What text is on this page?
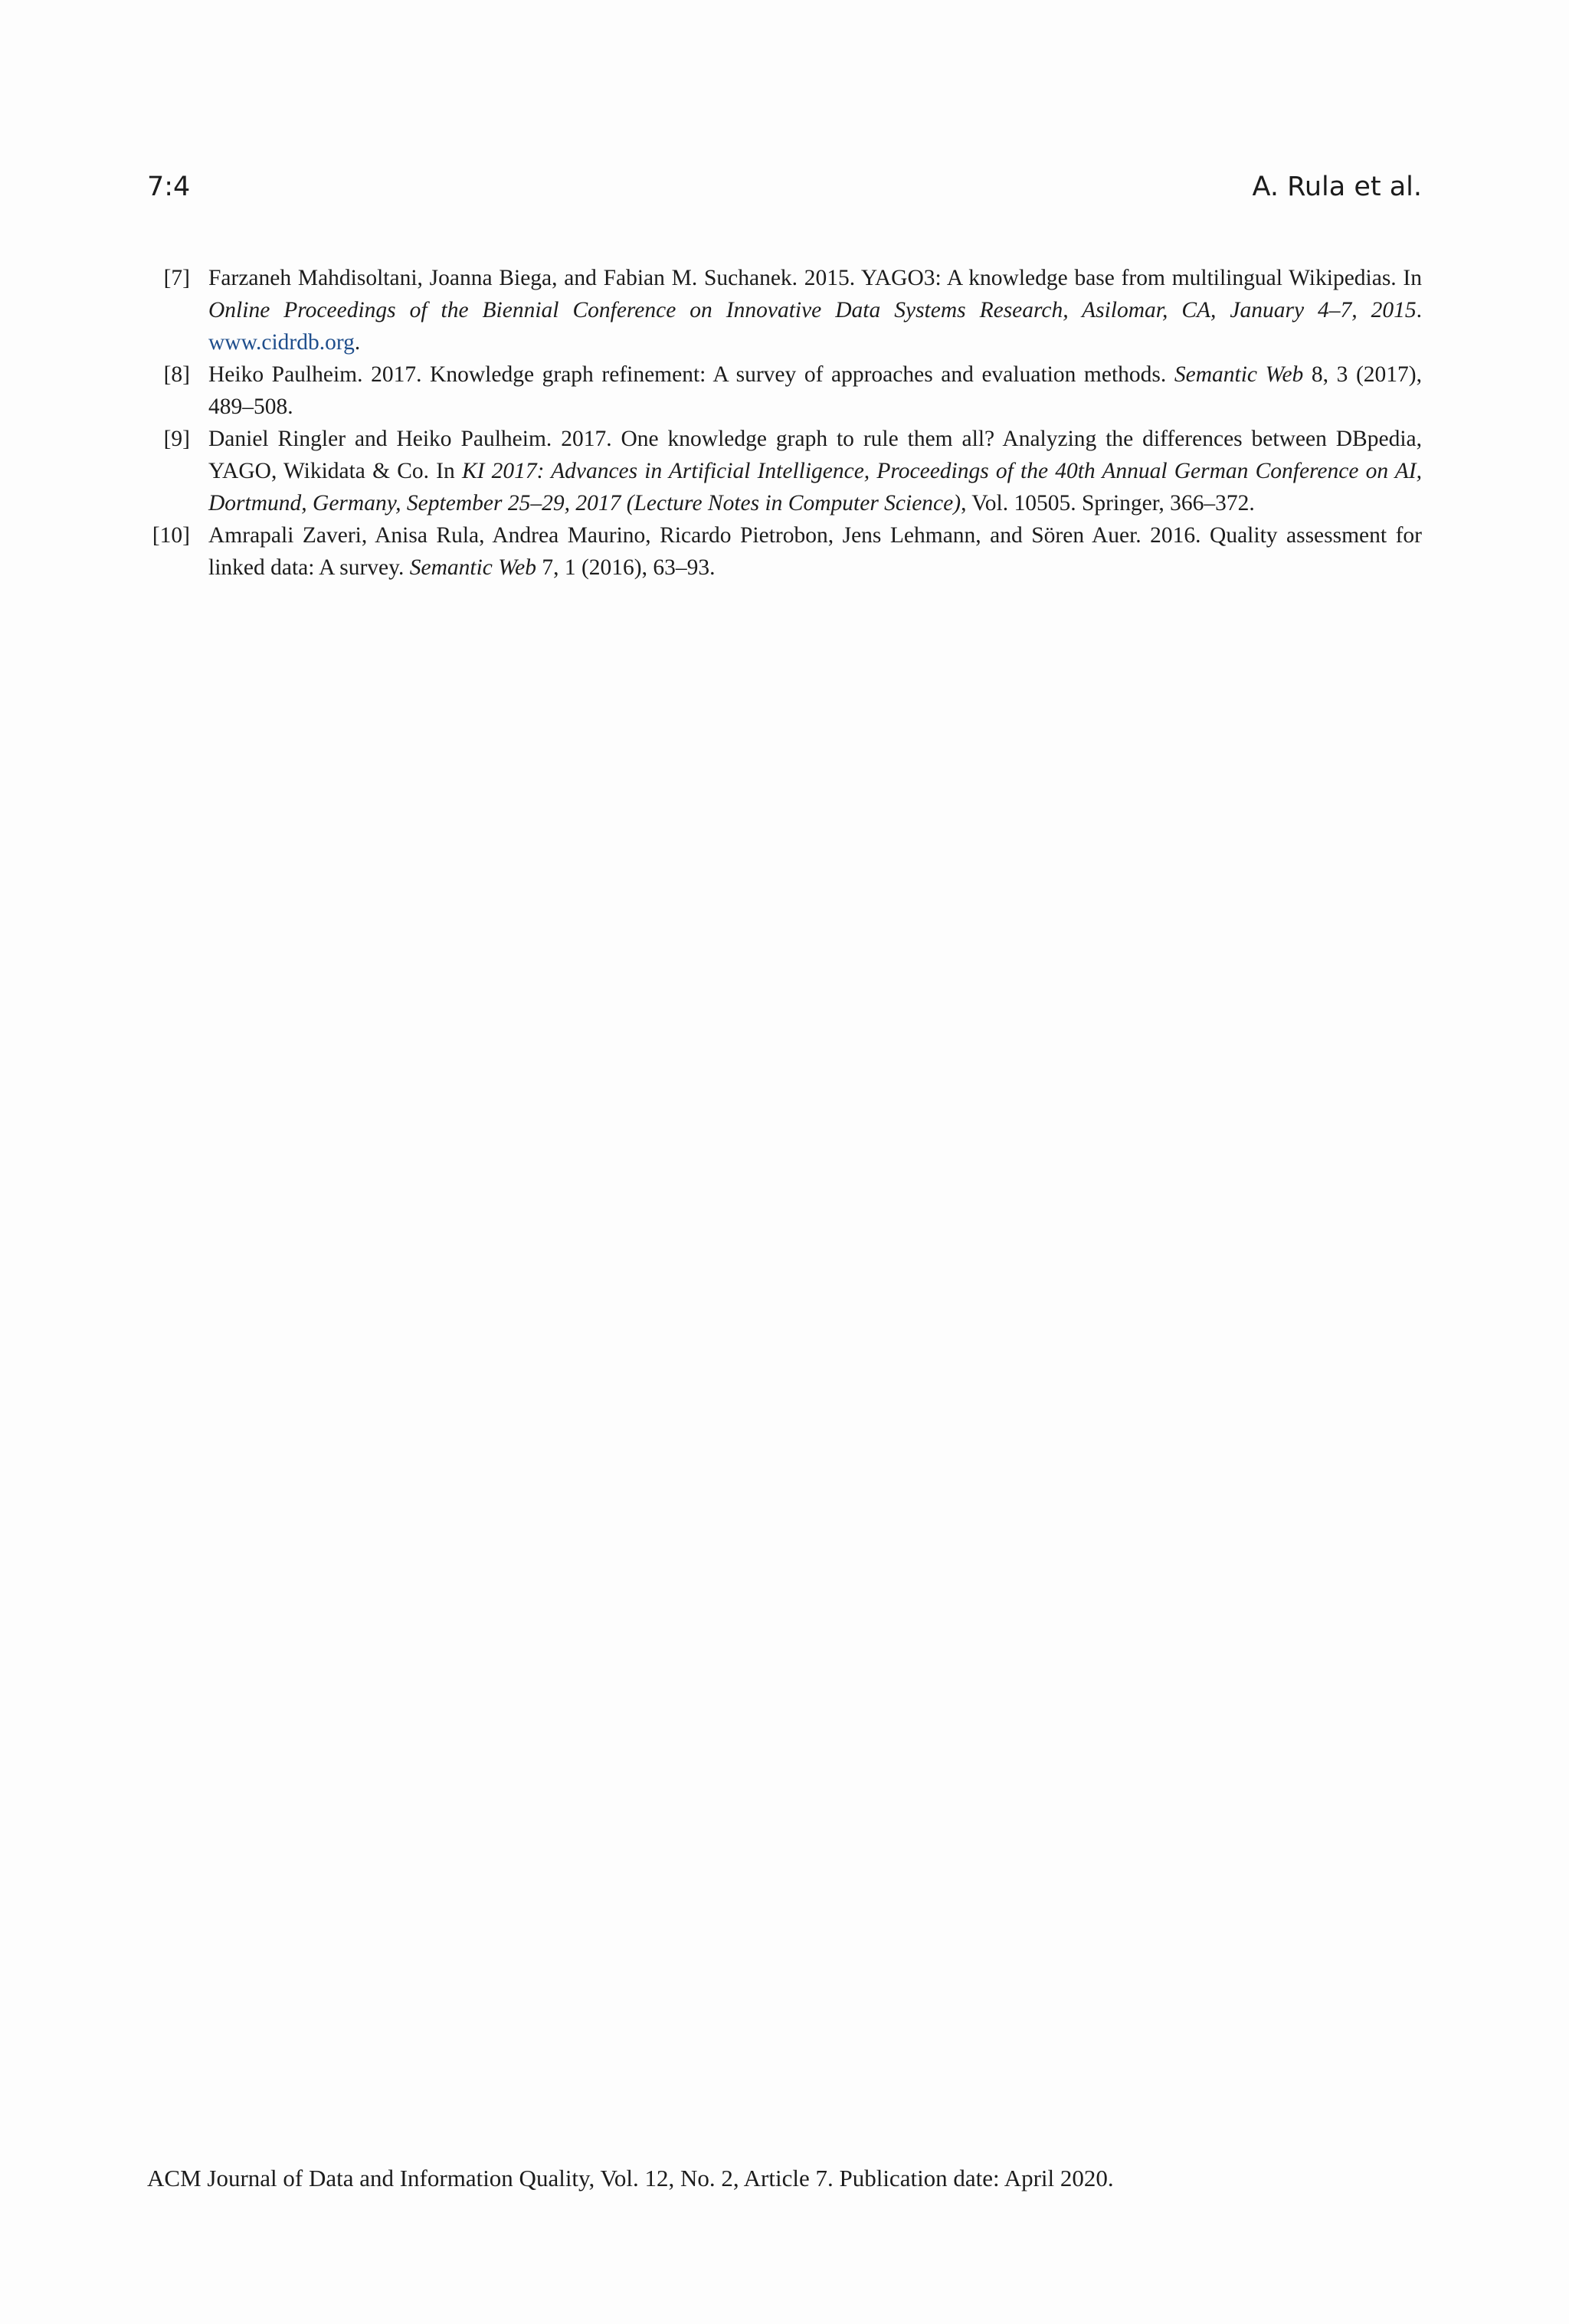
7:4	A. Rula et al.
[7] Farzaneh Mahdisoltani, Joanna Biega, and Fabian M. Suchanek. 2015. YAGO3: A knowledge base from multilingual Wikipedias. In Online Proceedings of the Biennial Conference on Innovative Data Systems Research, Asilomar, CA, January 4–7, 2015. www.cidrdb.org.
[8] Heiko Paulheim. 2017. Knowledge graph refinement: A survey of approaches and evaluation methods. Semantic Web 8, 3 (2017), 489–508.
[9] Daniel Ringler and Heiko Paulheim. 2017. One knowledge graph to rule them all? Analyzing the differences between DBpedia, YAGO, Wikidata & Co. In KI 2017: Advances in Artificial Intelligence, Proceedings of the 40th Annual German Conference on AI, Dortmund, Germany, September 25–29, 2017 (Lecture Notes in Computer Science), Vol. 10505. Springer, 366–372.
[10] Amrapali Zaveri, Anisa Rula, Andrea Maurino, Ricardo Pietrobon, Jens Lehmann, and Sören Auer. 2016. Quality assessment for linked data: A survey. Semantic Web 7, 1 (2016), 63–93.
ACM Journal of Data and Information Quality, Vol. 12, No. 2, Article 7. Publication date: April 2020.
